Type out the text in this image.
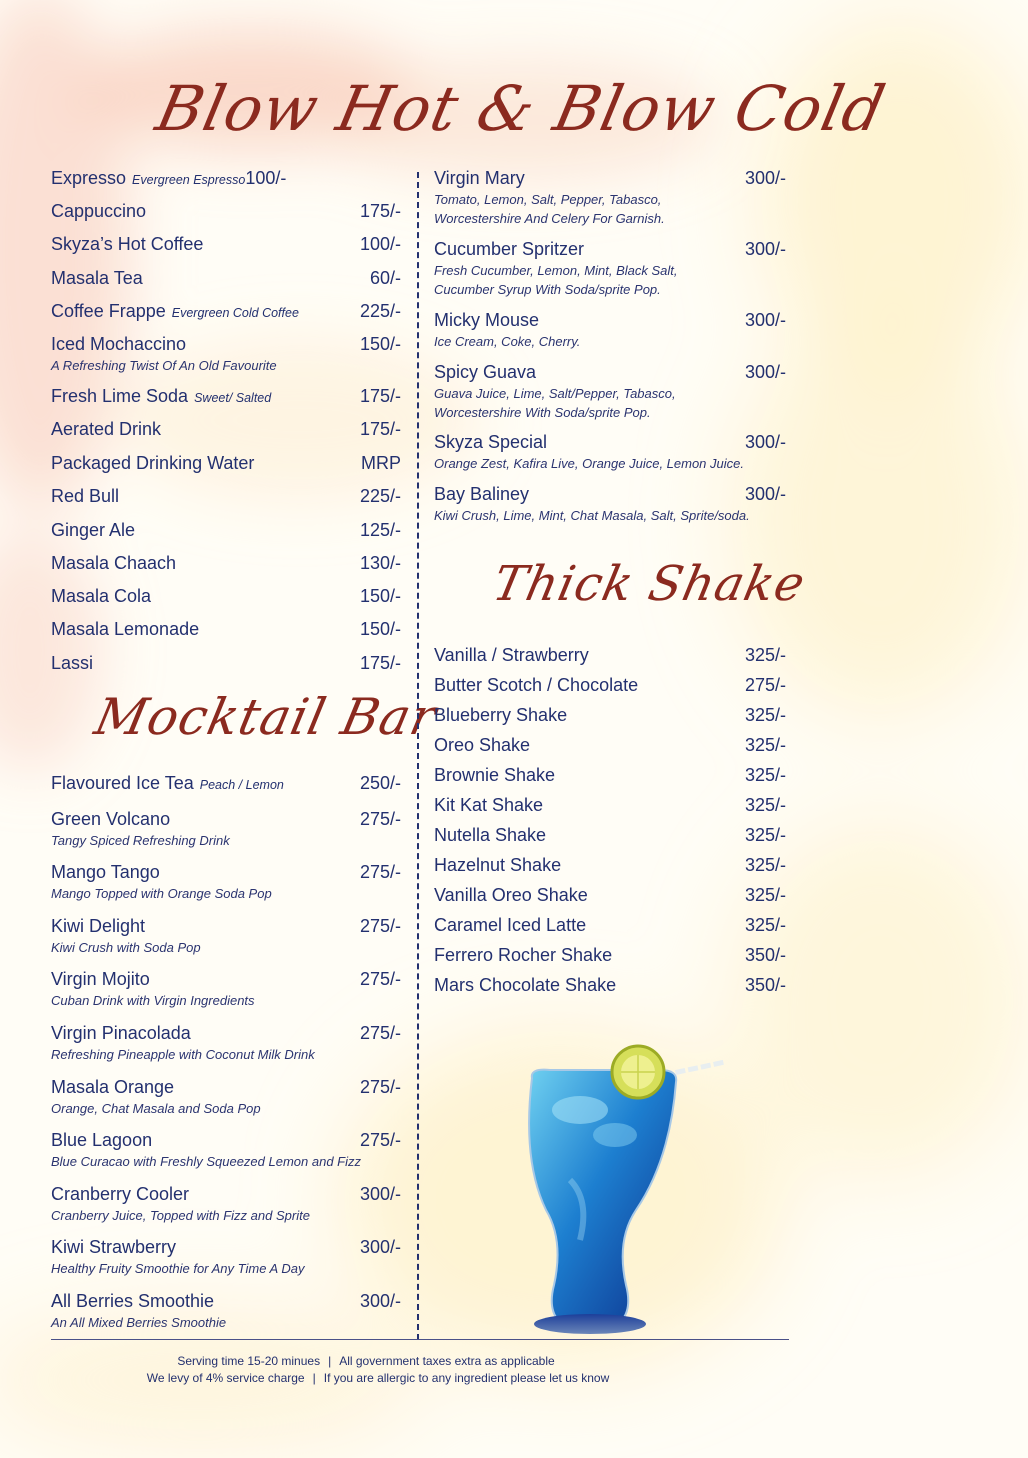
Blow Hot & Blow Cold
Mocktail Bar
Thick Shake
Expresso Evergreen Espresso 100/-
Cappuccino	175/-
Skyza’s Hot Coffee	100/-
Masala Tea	60/-
Coffee Frappe Evergreen Cold Coffee	225/-
Iced Mochaccino	150/-
A Refreshing Twist Of An Old Favourite
Fresh Lime Soda Sweet/ Salted	175/-
Aerated Drink	175/-
Packaged Drinking Water	MRP
Red Bull	225/-
Ginger Ale	125/-
Masala Chaach	130/-
Masala Cola	150/-
Masala Lemonade	150/-
Lassi	175/-
Flavoured Ice Tea Peach / Lemon	250/-
Green Volcano	275/-
Tangy Spiced Refreshing Drink
Mango Tango	275/-
Mango Topped with Orange Soda Pop
Kiwi Delight	275/-
Kiwi Crush with Soda Pop
Virgin Mojito	275/-
Cuban Drink with Virgin Ingredients
Virgin Pinacolada	275/-
Refreshing Pineapple with Coconut Milk Drink
Masala Orange	275/-
Orange, Chat Masala and Soda Pop
Blue Lagoon	275/-
Blue Curacao with Freshly Squeezed Lemon and Fizz
Cranberry Cooler	300/-
Cranberry Juice, Topped with Fizz and Sprite
Kiwi Strawberry	300/-
Healthy Fruity Smoothie for Any Time A Day
All Berries Smoothie	300/-
An All Mixed Berries Smoothie
Virgin Mary	300/-
Tomato, Lemon, Salt, Pepper, Tabasco, Worcestershire And Celery For Garnish.
Cucumber Spritzer	300/-
Fresh Cucumber, Lemon, Mint, Black Salt, Cucumber Syrup With Soda/sprite Pop.
Micky Mouse	300/-
Ice Cream, Coke, Cherry.
Spicy Guava	300/-
Guava Juice, Lime, Salt/Pepper, Tabasco, Worcestershire With Soda/sprite Pop.
Skyza Special	300/-
Orange Zest, Kafira Live, Orange Juice, Lemon Juice.
Bay Baliney	300/-
Kiwi Crush, Lime, Mint, Chat Masala, Salt, Sprite/soda.
Vanilla / Strawberry	325/-
Butter Scotch / Chocolate	275/-
Blueberry Shake	325/-
Oreo Shake	325/-
Brownie Shake	325/-
Kit Kat Shake	325/-
Nutella Shake	325/-
Hazelnut Shake	325/-
Vanilla Oreo Shake	325/-
Caramel Iced Latte	325/-
Ferrero Rocher Shake	350/-
Mars Chocolate Shake	350/-
Serving time 15-20 minues | All government taxes extra as applicable
We levy of 4% service charge | If you are allergic to any ingredient please let us know
